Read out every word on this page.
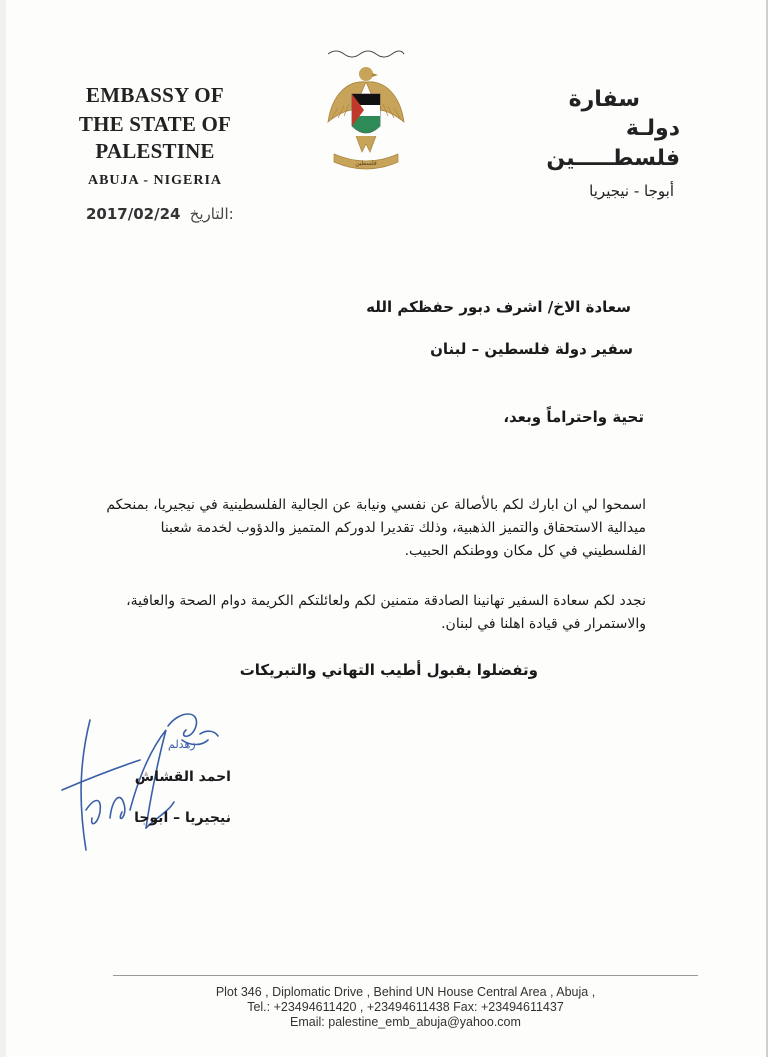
EMBASSY OF
THE STATE OF PALESTINE
ABUJA - NIGERIA
فلسطين
سفارة
دولـة فلسطـــــين
أبوجا - نيجيريا
2017/02/24 التاريخ:
سعادة الاخ/ اشرف دبور حفظكم الله
سفير دولة فلسطين – لبنان
تحية واحتراماً وبعد،
اسمحوا لي ان ابارك لكم بالأصالة عن نفسي ونيابة عن الجالية الفلسطينية في نيجيريا، بمنحكم ميدالية الاستحقاق والتميز الذهبية، وذلك تقديرا لدوركم المتميز والدؤوب لخدمة شعبنا الفلسطيني في كل مكان ووطنكم الحبيب.
نجدد لكم سعادة السفير تهانينا الصادقة متمنين لكم ولعائلتكم الكريمة دوام الصحة والعافية، والاستمرار في قيادة اهلنا في لبنان.
وتفضلوا بقبول أطيب التهاني والتبريكات
زهدلم
احمد القشاش
نيجيريا – ابوجا
Plot 346 , Diplomatic Drive , Behind UN House Central Area , Abuja ,
Tel.: +23494611420 , +23494611438 Fax: +23494611437
Email: palestine_emb_abuja@yahoo.com
